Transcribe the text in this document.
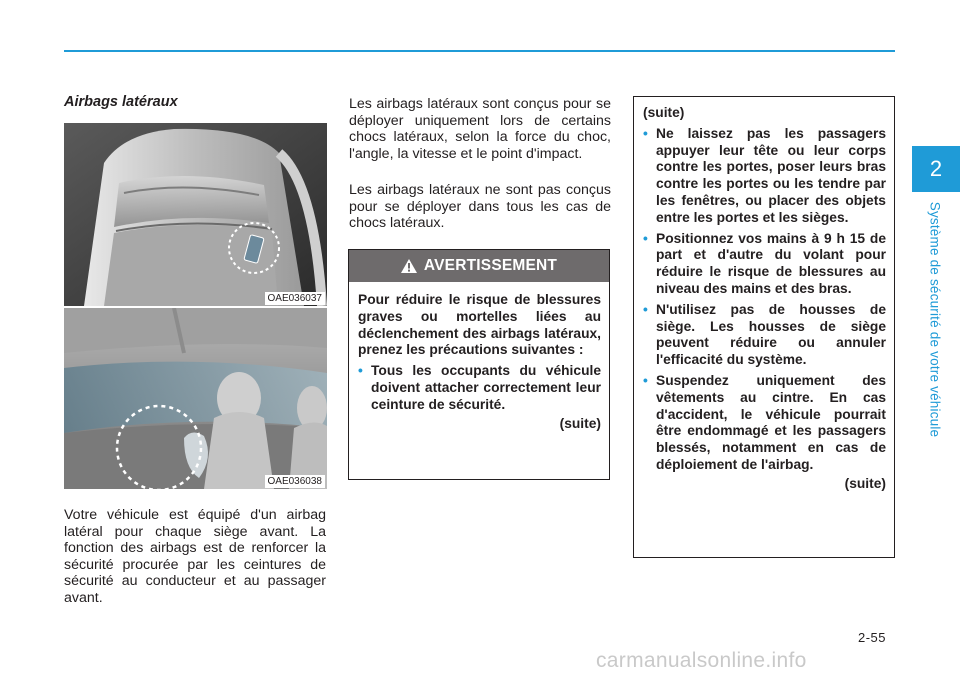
2
Système de sécurité de votre véhicule
Airbags latéraux
OAE036037
OAE036038

Votre véhicule est équipé d'un airbag latéral pour chaque siège avant. La fonction des airbags est de renforcer la sécurité procurée par les ceintures de sécurité au conducteur et au passager avant.

Les airbags latéraux sont conçus pour se déployer uniquement lors de certains chocs latéraux, selon la force du choc, l'angle, la vitesse et le point d'impact.

Les airbags latéraux ne sont pas conçus pour se déployer dans tous les cas de chocs latéraux.

AVERTISSEMENT

Pour réduire le risque de blessures graves ou mortelles liées au déclenchement des airbags latéraux, prenez les précautions suivantes :

• Tous les occupants du véhicule doivent attacher correctement leur ceinture de sécurité.
(suite)

(suite)

• Ne laissez pas les passagers appuyer leur tête ou leur corps contre les portes, poser leurs bras contre les portes ou les tendre par les fenêtres, ou placer des objets entre les portes et les sièges.
• Positionnez vos mains à 9 h 15 de part et d'autre du volant pour réduire le risque de blessures au niveau des mains et des bras.
• N'utilisez pas de housses de siège. Les housses de siège peuvent réduire ou annuler l'efficacité du système.
• Suspendez uniquement des vêtements au cintre. En cas d'accident, le véhicule pourrait être endommagé et les passagers blessés, notamment en cas de déploiement de l'airbag.
(suite)
2-55
carmanualsonline.info
